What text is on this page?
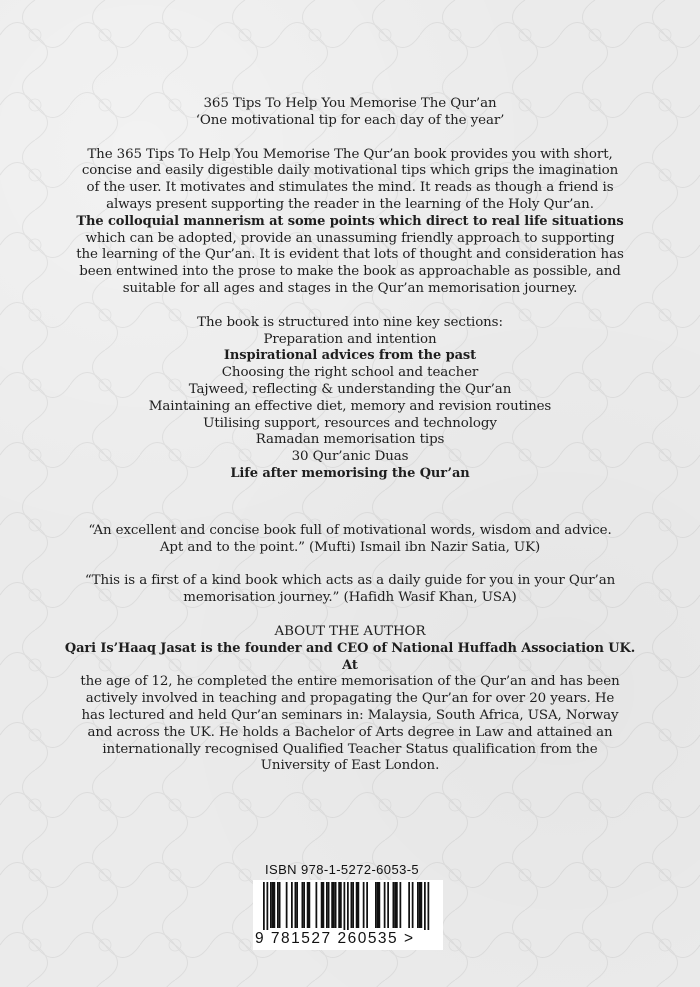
365 Tips To Help You Memorise The Qur’an

‘One motivational tip for each day of the year’

The 365 Tips To Help You Memorise The Qur’an book provides you with short,

concise and easily digestible daily motivational tips which grips the imagination

of the user. It motivates and stimulates the mind. It reads as though a friend is

always present supporting the reader in the learning of the Holy Qur’an.

The colloquial mannerism at some points which direct to real life situations

which can be adopted, provide an unassuming friendly approach to supporting

the learning of the Qur’an. It is evident that lots of thought and consideration has

been entwined into the prose to make the book as approachable as possible, and

suitable for all ages and stages in the Qur’an memorisation journey.

The book is structured into nine key sections:

Preparation and intention
Inspirational advices from the past
Choosing the right school and teacher
Tajweed, reflecting & understanding the Qur’an
Maintaining an effective diet, memory and revision routines
Utilising support, resources and technology
Ramadan memorisation tips
30 Qur’anic Duas
Life after memorising the Qur’an

“An excellent and concise book full of motivational words, wisdom and advice.

Apt and to the point.” (Mufti) Ismail ibn Nazir Satia, UK)

“This is a first of a kind book which acts as a daily guide for you in your Qur’an

memorisation journey.” (Hafidh Wasif Khan, USA)

ABOUT THE AUTHOR

Qari Is’Haaq Jasat is the founder and CEO of National Huffadh Association UK. At

the age of 12, he completed the entire memorisation of the Qur’an and has been

actively involved in teaching and propagating the Qur’an for over 20 years. He

has lectured and held Qur’an seminars in: Malaysia, South Africa, USA, Norway

and across the UK. He holds a Bachelor of Arts degree in Law and attained an

internationally recognised Qualified Teacher Status qualification from the

University of East London.

ISBN 978-1-5272-6053-5
9 781527 260535 >
